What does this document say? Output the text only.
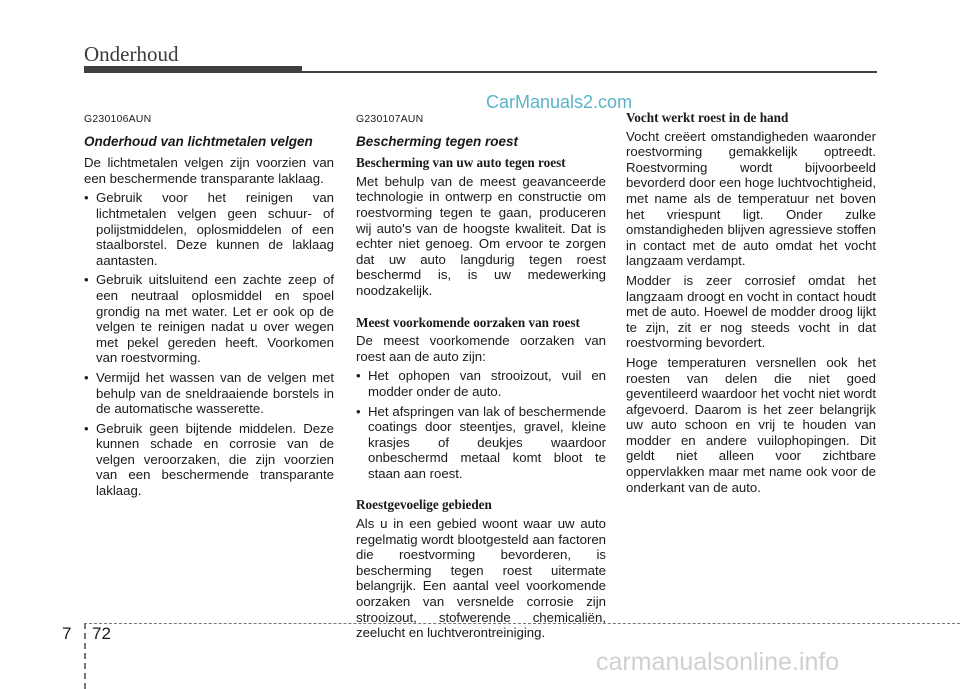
Onderhoud
CarManuals2.com
G230106AUN
Onderhoud van lichtmetalen velgen

De lichtmetalen velgen zijn voorzien van een beschermende transparante laklaag.

• Gebruik voor het reinigen van lichtmetalen velgen geen schuur- of polijstmiddelen, oplosmiddelen of een staalborstel. Deze kunnen de laklaag aantasten.
• Gebruik uitsluitend een zachte zeep of een neutraal oplosmiddel en spoel grondig na met water. Let er ook op de velgen te reinigen nadat u over wegen met pekel gereden heeft. Voorkomen van roestvorming.
• Vermijd het wassen van de velgen met behulp van de sneldraaiende borstels in de automatische wasserette.
• Gebruik geen bijtende middelen. Deze kunnen schade en corrosie van de velgen veroorzaken, die zijn voorzien van een beschermende transparante laklaag.
G230107AUN
Bescherming tegen roest
Bescherming van uw auto tegen roest

Met behulp van de meest geavanceerde technologie in ontwerp en constructie om roestvorming tegen te gaan, produceren wij auto's van de hoogste kwaliteit. Dat is echter niet genoeg. Om ervoor te zorgen dat uw auto langdurig tegen roest beschermd is, is uw medewerking noodzakelijk.

Meest voorkomende oorzaken van roest

De meest voorkomende oorzaken van roest aan de auto zijn:

• Het ophopen van strooizout, vuil en modder onder de auto.
• Het afspringen van lak of beschermende coatings door steentjes, gravel, kleine krasjes of deukjes waardoor onbeschermd metaal komt bloot te staan aan roest.
Roestgevoelige gebieden

Als u in een gebied woont waar uw auto regelmatig wordt blootgesteld aan factoren die roestvorming bevorderen, is bescherming tegen roest uitermate belangrijk. Een aantal veel voorkomende oorzaken van versnelde corrosie zijn strooizout, stofwerende chemicaliën, zeelucht en luchtverontreiniging.

Vocht werkt roest in de hand

Vocht creëert omstandigheden waaronder roestvorming gemakkelijk optreedt. Roestvorming wordt bijvoorbeeld bevorderd door een hoge luchtvochtigheid, met name als de temperatuur net boven het vriespunt ligt. Onder zulke omstandigheden blijven agressieve stoffen in contact met de auto omdat het vocht langzaam verdampt.

Modder is zeer corrosief omdat het langzaam droogt en vocht in contact houdt met de auto. Hoewel de modder droog lijkt te zijn, zit er nog steeds vocht in dat roestvorming bevordert.

Hoge temperaturen versnellen ook het roesten van delen die niet goed geventileerd waardoor het vocht niet wordt afgevoerd. Daarom is het zeer belangrijk uw auto schoon en vrij te houden van modder en andere vuilophopingen. Dit geldt niet alleen voor zichtbare oppervlakken maar met name ook voor de onderkant van de auto.

7 72
carmanualsonline.info
